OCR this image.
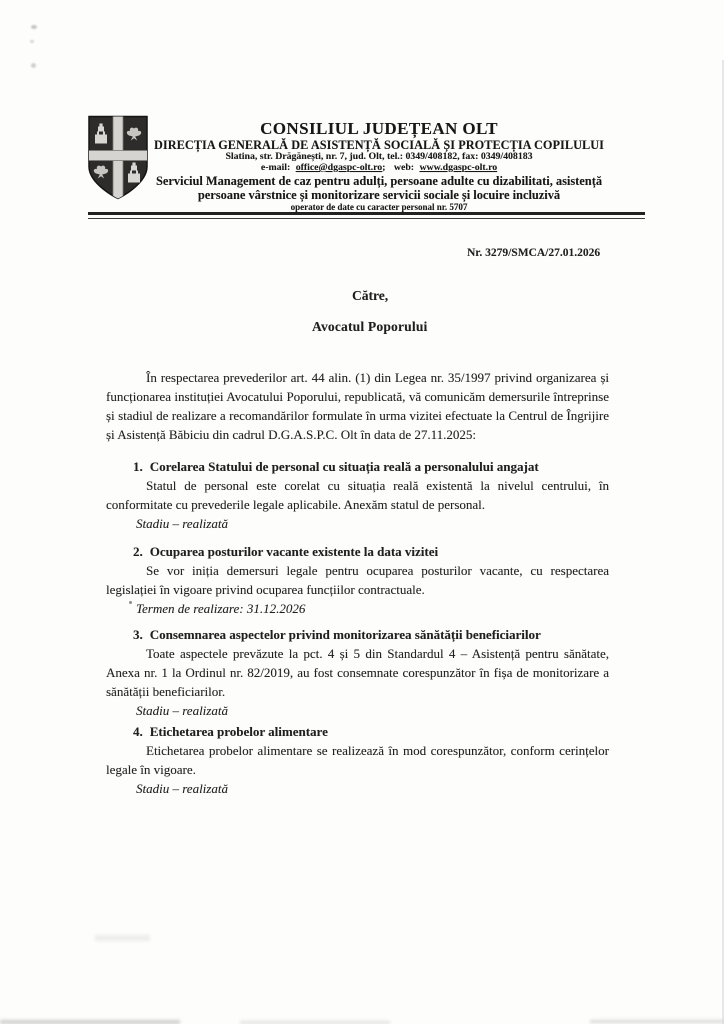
CONSILIUL JUDEȚEAN OLT
DIRECȚIA GENERALĂ DE ASISTENȚĂ SOCIALĂ ȘI PROTECȚIA COPILULUI
Slatina, str. Drăgănești, nr. 7, jud. Olt, tel.: 0349/408182, fax: 0349/408183
e-mail: office@dgaspc-olt.ro; web: www.dgaspc-olt.ro
Serviciul Management de caz pentru adulți, persoane adulte cu dizabilitati, asistență
persoane vârstnice și monitorizare servicii sociale și locuire incluzivă
operator de date cu caracter personal nr. 5707
Nr. 3279/SMCA/27.01.2026
Către,
Avocatul Poporului

În respectarea prevederilor art. 44 alin. (1) din Legea nr. 35/1997 privind organizarea și funcționarea instituției Avocatului Poporului, republicată, vă comunicăm demersurile întreprinse și stadiul de realizare a recomandărilor formulate în urma vizitei efectuate la Centrul de Îngrijire și Asistență Băbiciu din cadrul D.G.A.S.P.C. Olt în data de 27.11.2025:

1. Corelarea Statului de personal cu situația reală a personalului angajat

Statul de personal este corelat cu situația reală existentă la nivelul centrului, în conformitate cu prevederile legale aplicabile. Anexăm statul de personal.

Stadiu – realizată

2. Ocuparea posturilor vacante existente la data vizitei

Se vor iniția demersuri legale pentru ocuparea posturilor vacante, cu respectarea legislației în vigoare privind ocuparea funcțiilor contractuale.

Termen de realizare: 31.12.2026

3. Consemnarea aspectelor privind monitorizarea sănătății beneficiarilor

Toate aspectele prevăzute la pct. 4 și 5 din Standardul 4 – Asistență pentru sănătate, Anexa nr. 1 la Ordinul nr. 82/2019, au fost consemnate corespunzător în fișa de monitorizare a sănătății beneficiarilor.

Stadiu – realizată

4. Etichetarea probelor alimentare

Etichetarea probelor alimentare se realizează în mod corespunzător, conform cerințelor legale în vigoare.

Stadiu – realizată
